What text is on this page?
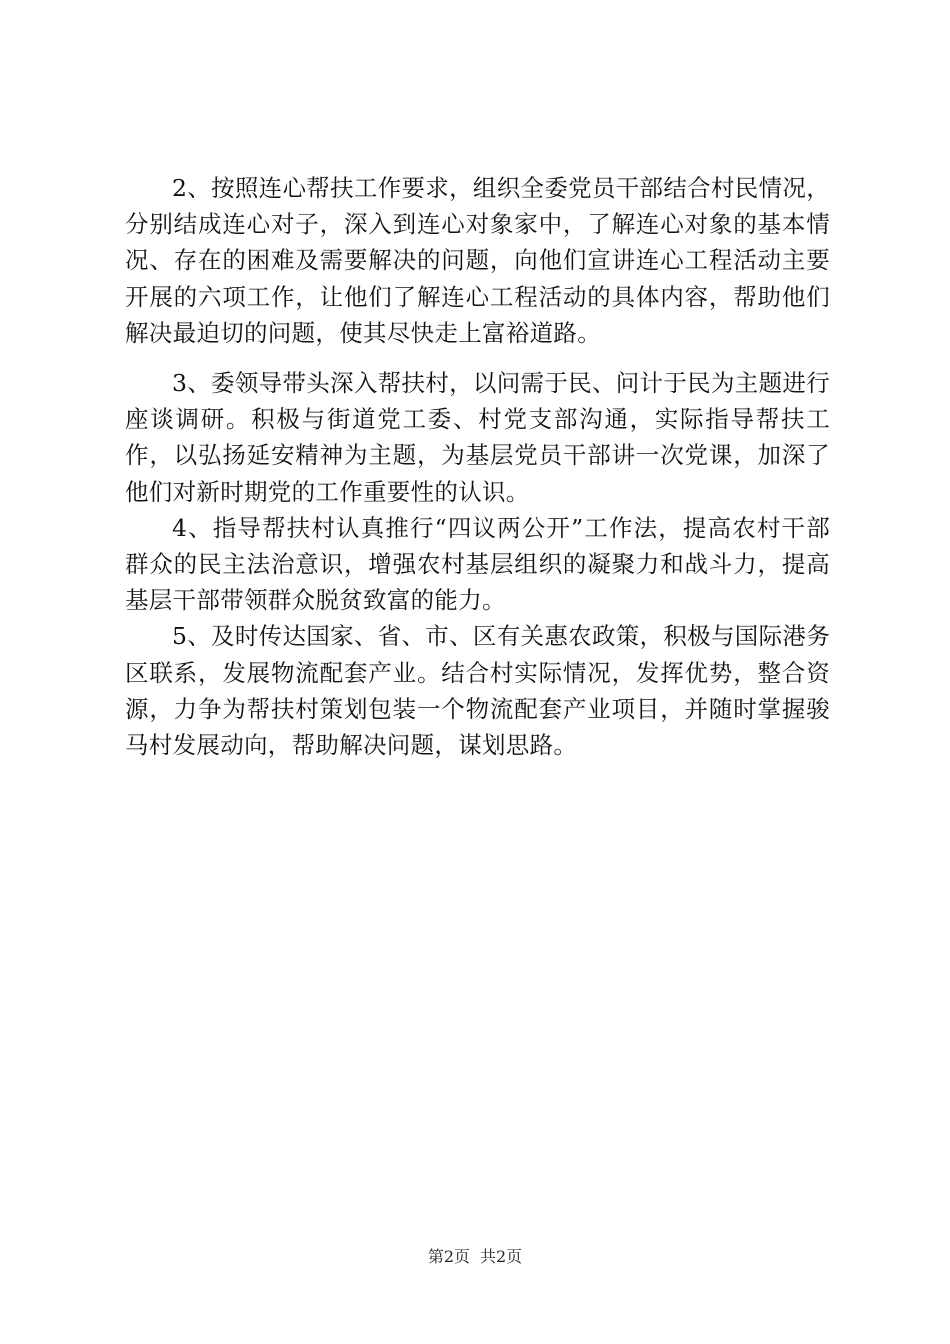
2、按照连心帮扶工作要求，组织全委党员干部结合村民情况，分别结成连心对子，深入到连心对象家中，了解连心对象的基本情况、存在的困难及需要解决的问题，向他们宣讲连心工程活动主要开展的六项工作，让他们了解连心工程活动的具体内容，帮助他们解决最迫切的问题，使其尽快走上富裕道路。

3、委领导带头深入帮扶村，以问需于民、问计于民为主题进行座谈调研。积极与街道党工委、村党支部沟通，实际指导帮扶工作，以弘扬延安精神为主题，为基层党员干部讲一次党课，加深了他们对新时期党的工作重要性的认识。

4、指导帮扶村认真推行“四议两公开”工作法，提高农村干部群众的民主法治意识，增强农村基层组织的凝聚力和战斗力，提高基层干部带领群众脱贫致富的能力。

5、及时传达国家、省、市、区有关惠农政策，积极与国际港务区联系，发展物流配套产业。结合村实际情况，发挥优势，整合资源，力争为帮扶村策划包装一个物流配套产业项目，并随时掌握骏马村发展动向，帮助解决问题，谋划思路。

第2页 共2页
